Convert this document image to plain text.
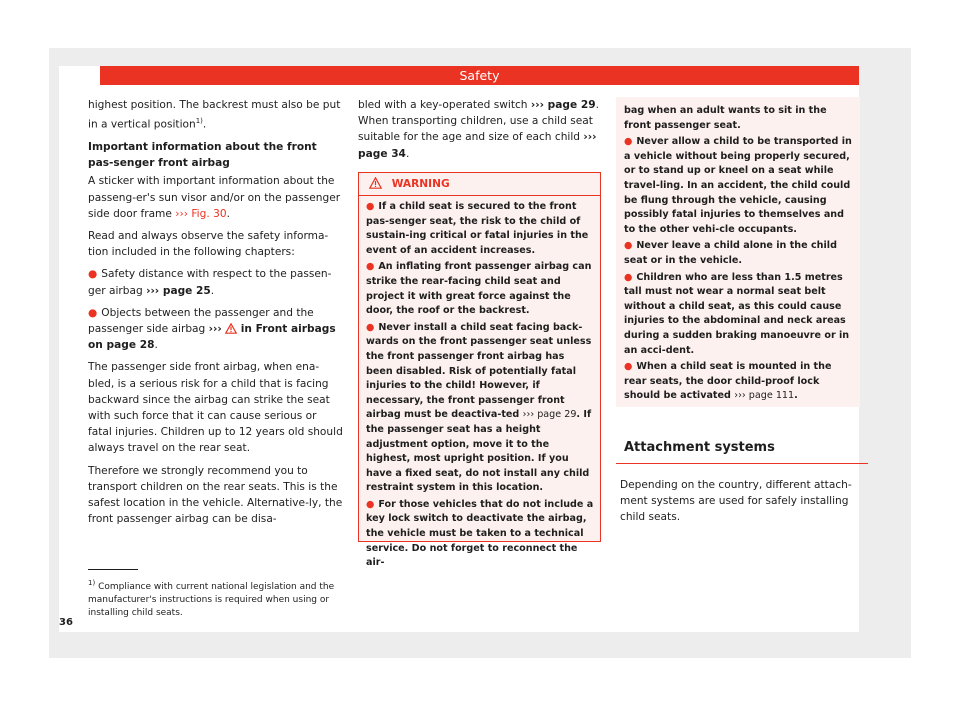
Safety

highest position. The backrest must also be put in a vertical position$^{1)}$.

Important information about the front pas-senger front airbag

A sticker with important information about the passeng-er's sun visor and/or on the passenger side door frame ››› Fig. 30.

Read and always observe the safety informa-tion included in the following chapters:

● Safety distance with respect to the passen-ger airbag ››› page 25.

● Objects between the passenger and the passenger side airbag ›››  in Front airbags on page 28.

The passenger side front airbag, when ena-bled, is a serious risk for a child that is facing backward since the airbag can strike the seat with such force that it can cause serious or fatal injuries. Children up to 12 years old should always travel on the rear seat.

Therefore we strongly recommend you to transport children on the rear seats. This is the safest location in the vehicle. Alternative-ly, the front passenger airbag can be disa-

bled with a key-operated switch ››› page 29. When transporting children, use a child seat suitable for the age and size of each child ››› page 34.

WARNING

● If a child seat is secured to the front pas-senger seat, the risk to the child of sustain-ing critical or fatal injuries in the event of an accident increases.

● An inflating front passenger airbag can strike the rear-facing child seat and project it with great force against the door, the roof or the backrest.

● Never install a child seat facing back-wards on the front passenger seat unless the front passenger front airbag has been disabled. Risk of potentially fatal injuries to the child! However, if necessary, the front passenger front airbag must be deactiva-ted ››› page 29. If the passenger seat has a height adjustment option, move it to the highest, most upright position. If you have a fixed seat, do not install any child restraint system in this location.

● For those vehicles that do not include a key lock switch to deactivate the airbag, the vehicle must be taken to a technical service. Do not forget to reconnect the air-

bag when an adult wants to sit in the front passenger seat.

● Never allow a child to be transported in a vehicle without being properly secured, or to stand up or kneel on a seat while travel-ling. In an accident, the child could be flung through the vehicle, causing possibly fatal injuries to themselves and to the other vehi-cle occupants.

● Never leave a child alone in the child seat or in the vehicle.

● Children who are less than 1.5 metres tall must not wear a normal seat belt without a child seat, as this could cause injuries to the abdominal and neck areas during a sudden braking manoeuvre or in an acci-dent.

● When a child seat is mounted in the rear seats, the door child-proof lock should be activated ››› page 111.

Attachment systems
Depending on the country, different attach-ment systems are used for safely installing child seats.
$^{1)}$ Compliance with current national legislation and the manufacturer's instructions is required when using or installing child seats.
36
